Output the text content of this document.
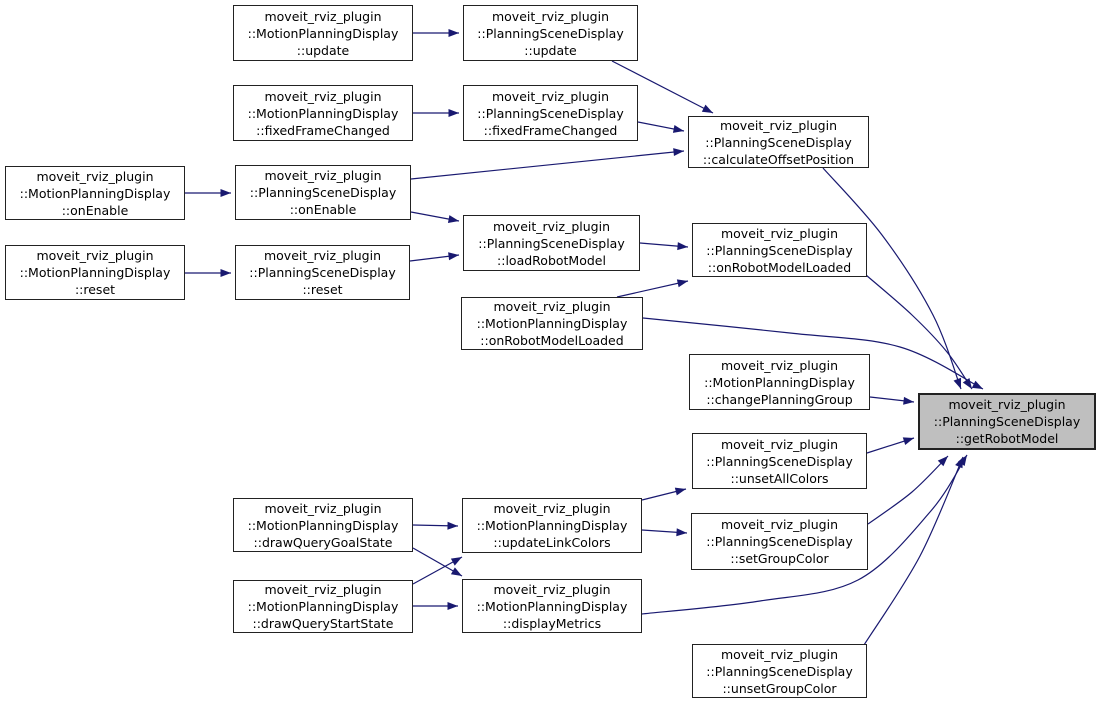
moveit_rviz_plugin
::MotionPlanningDisplay
::update
moveit_rviz_plugin
::PlanningSceneDisplay
::update
moveit_rviz_plugin
::MotionPlanningDisplay
::fixedFrameChanged
moveit_rviz_plugin
::PlanningSceneDisplay
::fixedFrameChanged	moveit_rviz_plugin
::PlanningSceneDisplay
::calculateOffsetPosition
moveit_rviz_plugin
::MotionPlanningDisplay
::onEnable
moveit_rviz_plugin
::PlanningSceneDisplay
::onEnable
moveit_rviz_plugin
::MotionPlanningDisplay
::reset
moveit_rviz_plugin
::PlanningSceneDisplay
::reset
moveit_rviz_plugin
::PlanningSceneDisplay
::loadRobotModel
moveit_rviz_plugin
::PlanningSceneDisplay
::onRobotModelLoaded
moveit_rviz_plugin
::MotionPlanningDisplay
::onRobotModelLoaded
moveit_rviz_plugin
::MotionPlanningDisplay
::changePlanningGroup	moveit_rviz_plugin
::PlanningSceneDisplay
::getRobotModel
moveit_rviz_plugin
::PlanningSceneDisplay
::unsetAllColors
moveit_rviz_plugin
::PlanningSceneDisplay
::setGroupColor
moveit_rviz_plugin
::MotionPlanningDisplay
::drawQueryGoalState
moveit_rviz_plugin
::MotionPlanningDisplay
::updateLinkColors
moveit_rviz_plugin
::MotionPlanningDisplay
::drawQueryStartState
moveit_rviz_plugin
::MotionPlanningDisplay
::displayMetrics
moveit_rviz_plugin
::PlanningSceneDisplay
::unsetGroupColor
